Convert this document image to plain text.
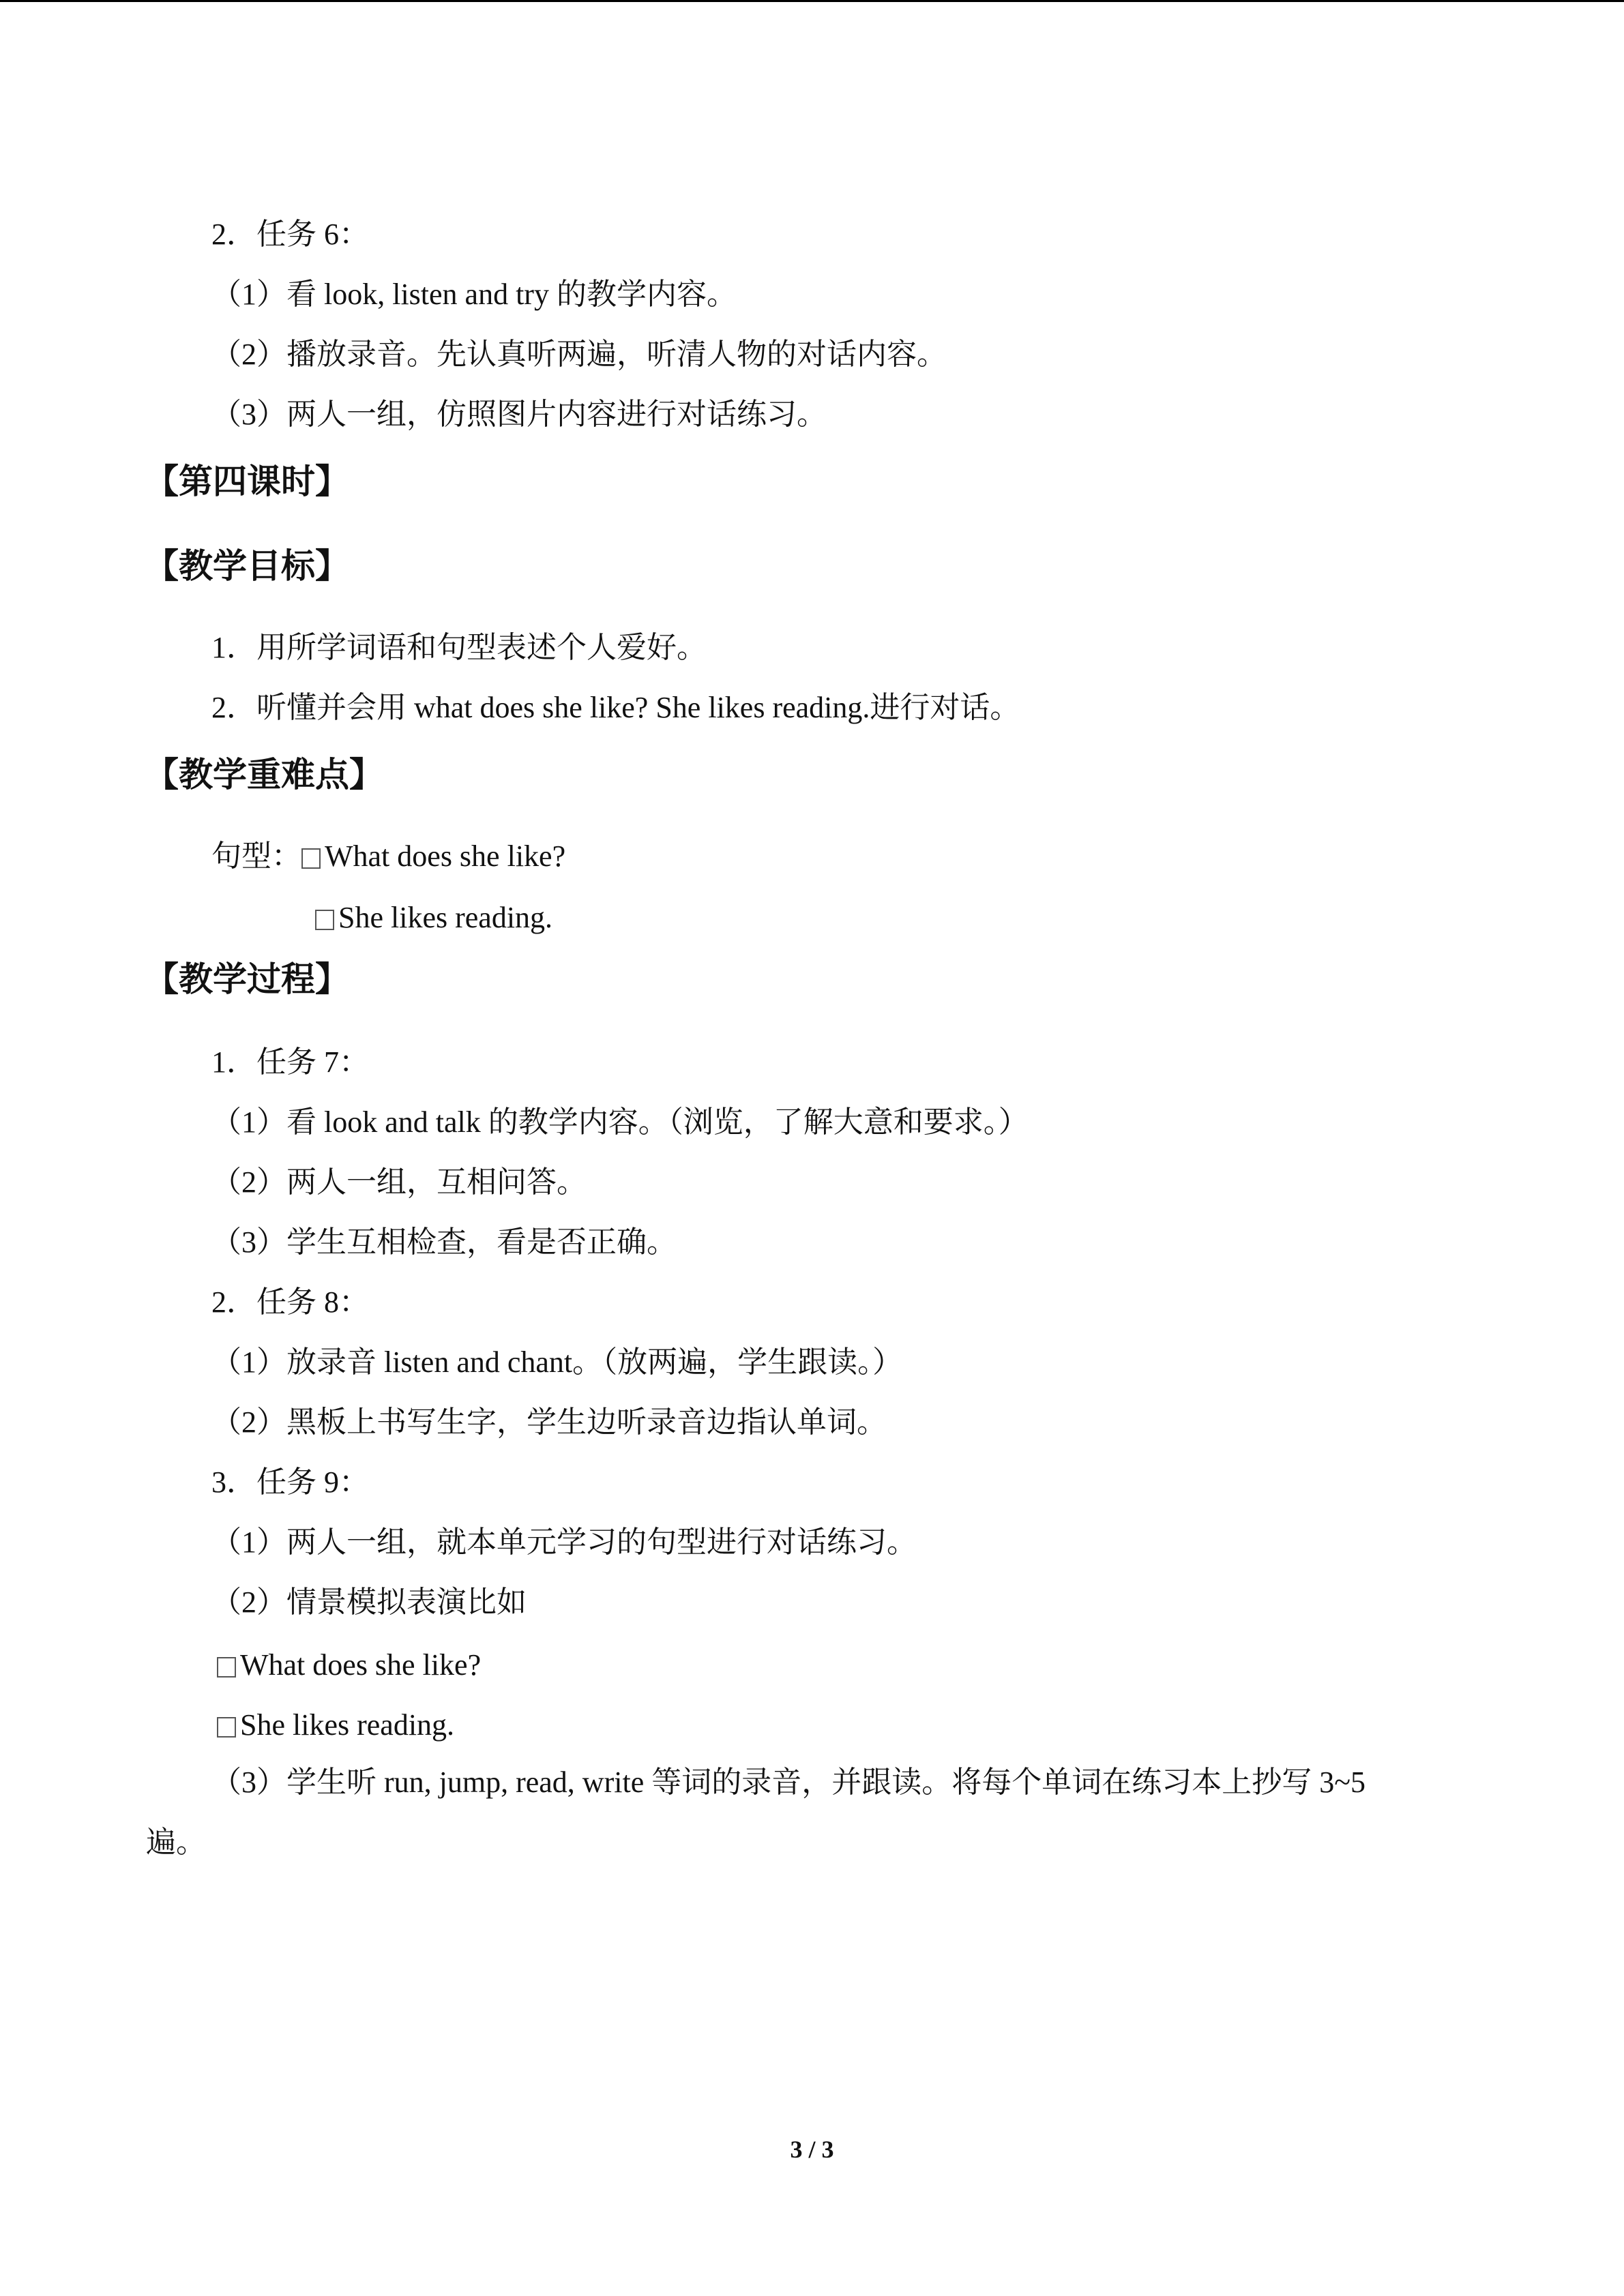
2．任务 6：
（1）看 look, listen and try 的教学内容。
（2）播放录音。先认真听两遍，听清人物的对话内容。
（3）两人一组，仿照图片内容进行对话练习。
【第四课时】
【教学目标】
1．用所学词语和句型表述个人爱好。
2．听懂并会用 what does she like? She likes reading.进行对话。
【教学重难点】
句型： What does she like?
She likes reading.
【教学过程】
1．任务 7：
（1）看 look and talk 的教学内容。（浏览，了解大意和要求。）
（2）两人一组，互相问答。
（3）学生互相检查，看是否正确。
2．任务 8：
（1）放录音 listen and chant。（放两遍，学生跟读。）
（2）黑板上书写生字，学生边听录音边指认单词。
3．任务 9：
（1）两人一组，就本单元学习的句型进行对话练习。
（2）情景模拟表演比如
What does she like?
She likes reading.
（3）学生听 run, jump, read, write 等词的录音，并跟读。将每个单词在练习本上抄写 3~5
遍。
3 / 3
